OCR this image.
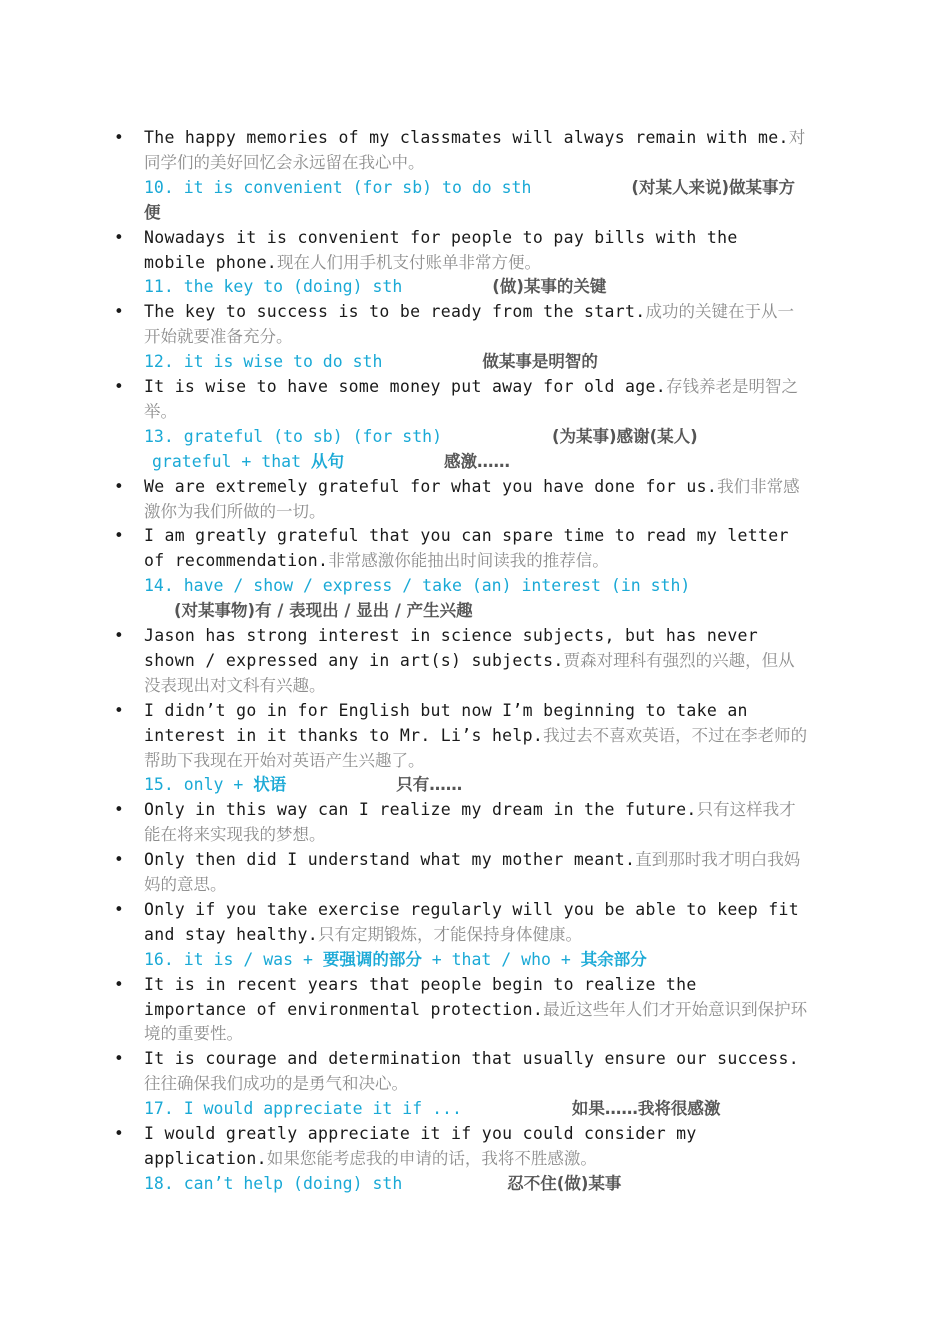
• The happy memories of my classmates will always remain with me.对同学们的美好回忆会永远留在我心中。
10. it is convenient (for sb) to do sth	(对某人来说)做某事方便
• Nowadays it is convenient for people to pay bills with the mobile phone.现在人们用手机支付账单非常方便。
11. the key to (doing) sth	(做)某事的关键
• The key to success is to be ready from the start.成功的关键在于从一开始就要准备充分。
12. it is wise to do sth	做某事是明智的
• It is wise to have some money put away for old age.存钱养老是明智之举。
13. grateful (to sb) (for sth)	(为某事)感谢(某人)
grateful + that 从句	感激……
• We are extremely grateful for what you have done for us.我们非常感激你为我们所做的一切。
• I am greatly grateful that you can spare time to read my letter of recommendation.非常感激你能抽出时间读我的推荐信。
14. have / show / express / take (an) interest (in sth)
(对某事物)有 / 表现出 / 显出 / 产生兴趣
• Jason has strong interest in science subjects, but has never shown / expressed any in art(s) subjects.贾森对理科有强烈的兴趣，但从没表现出对文科有兴趣。
• I didn’t go in for English but now I’m beginning to take an interest in it thanks to Mr. Li’s help.我过去不喜欢英语，不过在李老师的帮助下我现在开始对英语产生兴趣了。
15. only + 状语	只有……
• Only in this way can I realize my dream in the future.只有这样我才能在将来实现我的梦想。
• Only then did I understand what my mother meant.直到那时我才明白我妈妈的意思。
• Only if you take exercise regularly will you be able to keep fit and stay healthy.只有定期锻炼，才能保持身体健康。
16. it is / was + 要强调的部分 + that / who + 其余部分
• It is in recent years that people begin to realize the importance of environmental protection.最近这些年人们才开始意识到保护环境的重要性。
• It is courage and determination that usually ensure our success.往往确保我们成功的是勇气和决心。
17. I would appreciate it if ...	如果……我将很感激
• I would greatly appreciate it if you could consider my application.如果您能考虑我的申请的话，我将不胜感激。
18. can’t help (doing) sth	忍不住(做)某事
